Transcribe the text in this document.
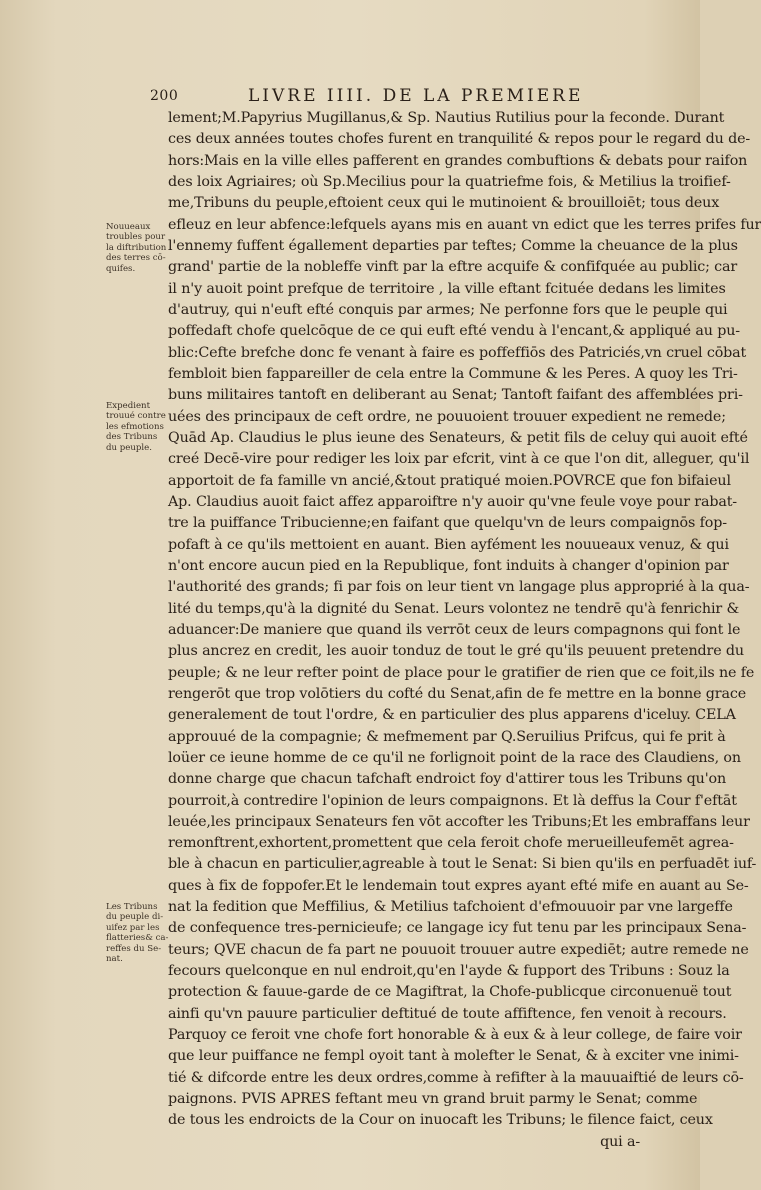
200	LIVRE IIII. DE LA PREMIERE
lement;M.Papyrius Mugillanus,& Sp. Nautius Rutilius pour la feconde. Durant
ces deux années toutes chofes furent en tranquilité & repos pour le regard du de-
hors:Mais en la ville elles pafferent en grandes combuftions & debats pour raifon
des loix Agriaires; où Sp.Mecilius pour la quatriefme fois, & Metilius la troifief-
me,Tribuns du peuple,eftoient ceux qui le mutinoient & brouilloiēt; tous deux
efleuz en leur abfence:lefquels ayans mis en auant vn edict que les terres prifes fur
l'ennemy fuffent égallement departies par teftes; Comme la cheuance de la plus
grand' partie de la nobleffe vinft par la eftre acquife & confifquée au public; car
il n'y auoit point prefque de territoire , la ville eftant fcituée dedans les limites
d'autruy, qui n'euft efté conquis par armes; Ne perfonne fors que le peuple qui
poffedaft chofe quelcōque de ce qui euft efté vendu à l'encant,& appliqué au pu-
blic:Cefte brefche donc fe venant à faire es poffeffiōs des Patriciés,vn cruel cōbat
fembloit bien fappareiller de cela entre la Commune & les Peres. A quoy les Tri-
buns militaires tantoft en deliberant au Senat; Tantoft faifant des affemblées pri-
uées des principaux de ceft ordre, ne pouuoient trouuer expedient ne remede;
Quād Ap. Claudius le plus ieune des Senateurs, & petit fils de celuy qui auoit efté
creé Decē-vire pour rediger les loix par efcrit, vint à ce que l'on dit, alleguer, qu'il
apportoit de fa famille vn ancié,&tout pratiqué moien.POVRCE que fon bifaieul
Ap. Claudius auoit faict affez apparoiftre n'y auoir qu'vne feule voye pour rabat-
tre la puiffance Tribucienne;en faifant que quelqu'vn de leurs compaignōs fop-
pofaft à ce qu'ils mettoient en auant. Bien ayfément les nouueaux venuz, & qui
n'ont encore aucun pied en la Republique, font induits à changer d'opinion par
l'authorité des grands; fi par fois on leur tient vn langage plus approprié à la qua-
lité du temps,qu'à la dignité du Senat. Leurs volontez ne tendrē qu'à fenrichir &
aduancer:De maniere que quand ils verrōt ceux de leurs compagnons qui font le
plus ancrez en credit, les auoir tonduz de tout le gré qu'ils peuuent pretendre du
peuple; & ne leur refter point de place pour le gratifier de rien que ce foit,ils ne fe
rengerōt que trop volōtiers du cofté du Senat,afin de fe mettre en la bonne grace
generalement de tout l'ordre, & en particulier des plus apparens d'iceluy. CELA
approuué de la compagnie; & mefmement par Q.Seruilius Prifcus, qui fe prit à
loüer ce ieune homme de ce qu'il ne forlignoit point de la race des Claudiens, on
donne charge que chacun tafchaft endroict foy d'attirer tous les Tribuns qu'on
pourroit,à contredire l'opinion de leurs compaignons. Et là deffus la Cour f'eftāt
leuée,les principaux Senateurs fen vōt accofter les Tribuns;Et les embraffans leur
remonftrent,exhortent,promettent que cela feroit chofe merueilleufemēt agrea-
ble à chacun en particulier,agreable à tout le Senat: Si bien qu'ils en perfuadēt iuf-
ques à fix de foppofer.Et le lendemain tout expres ayant efté mife en auant au Se-
nat la fedition que Meffilius, & Metilius tafchoient d'efmouuoir par vne largeffe
de confequence tres-pernicieufe; ce langage icy fut tenu par les principaux Sena-
teurs; QVE chacun de fa part ne pouuoit trouuer autre expediēt; autre remede ne
fecours quelconque en nul endroit,qu'en l'ayde & fupport des Tribuns : Souz la
protection & fauue-garde de ce Magiftrat, la Chofe-publicque circonuenuë tout
ainfi qu'vn pauure particulier deftitué de toute affiftence, fen venoit à recours.
Parquoy ce feroit vne chofe fort honorable & à eux & à leur college, de faire voir
que leur puiffance ne fempl oyoit tant à molefter le Senat, & à exciter vne inimi-
tié & difcorde entre les deux ordres,comme à refifter à la mauuaiftié de leurs cō-
paignons. PVIS APRES feftant meu vn grand bruit parmy le Senat; comme
de tous les endroicts de la Cour on inuocaft les Tribuns; le filence faict, ceux
qui a-
Nouueaux
troubles pour
la diftribution
des terres cō-
quifes.
Expedient
trouué contre
les efmotions
des Tribuns
du peuple.
Les Tribuns
du peuple di-
uifez par les
flatteries& ca-
reffes du Se-
nat.
